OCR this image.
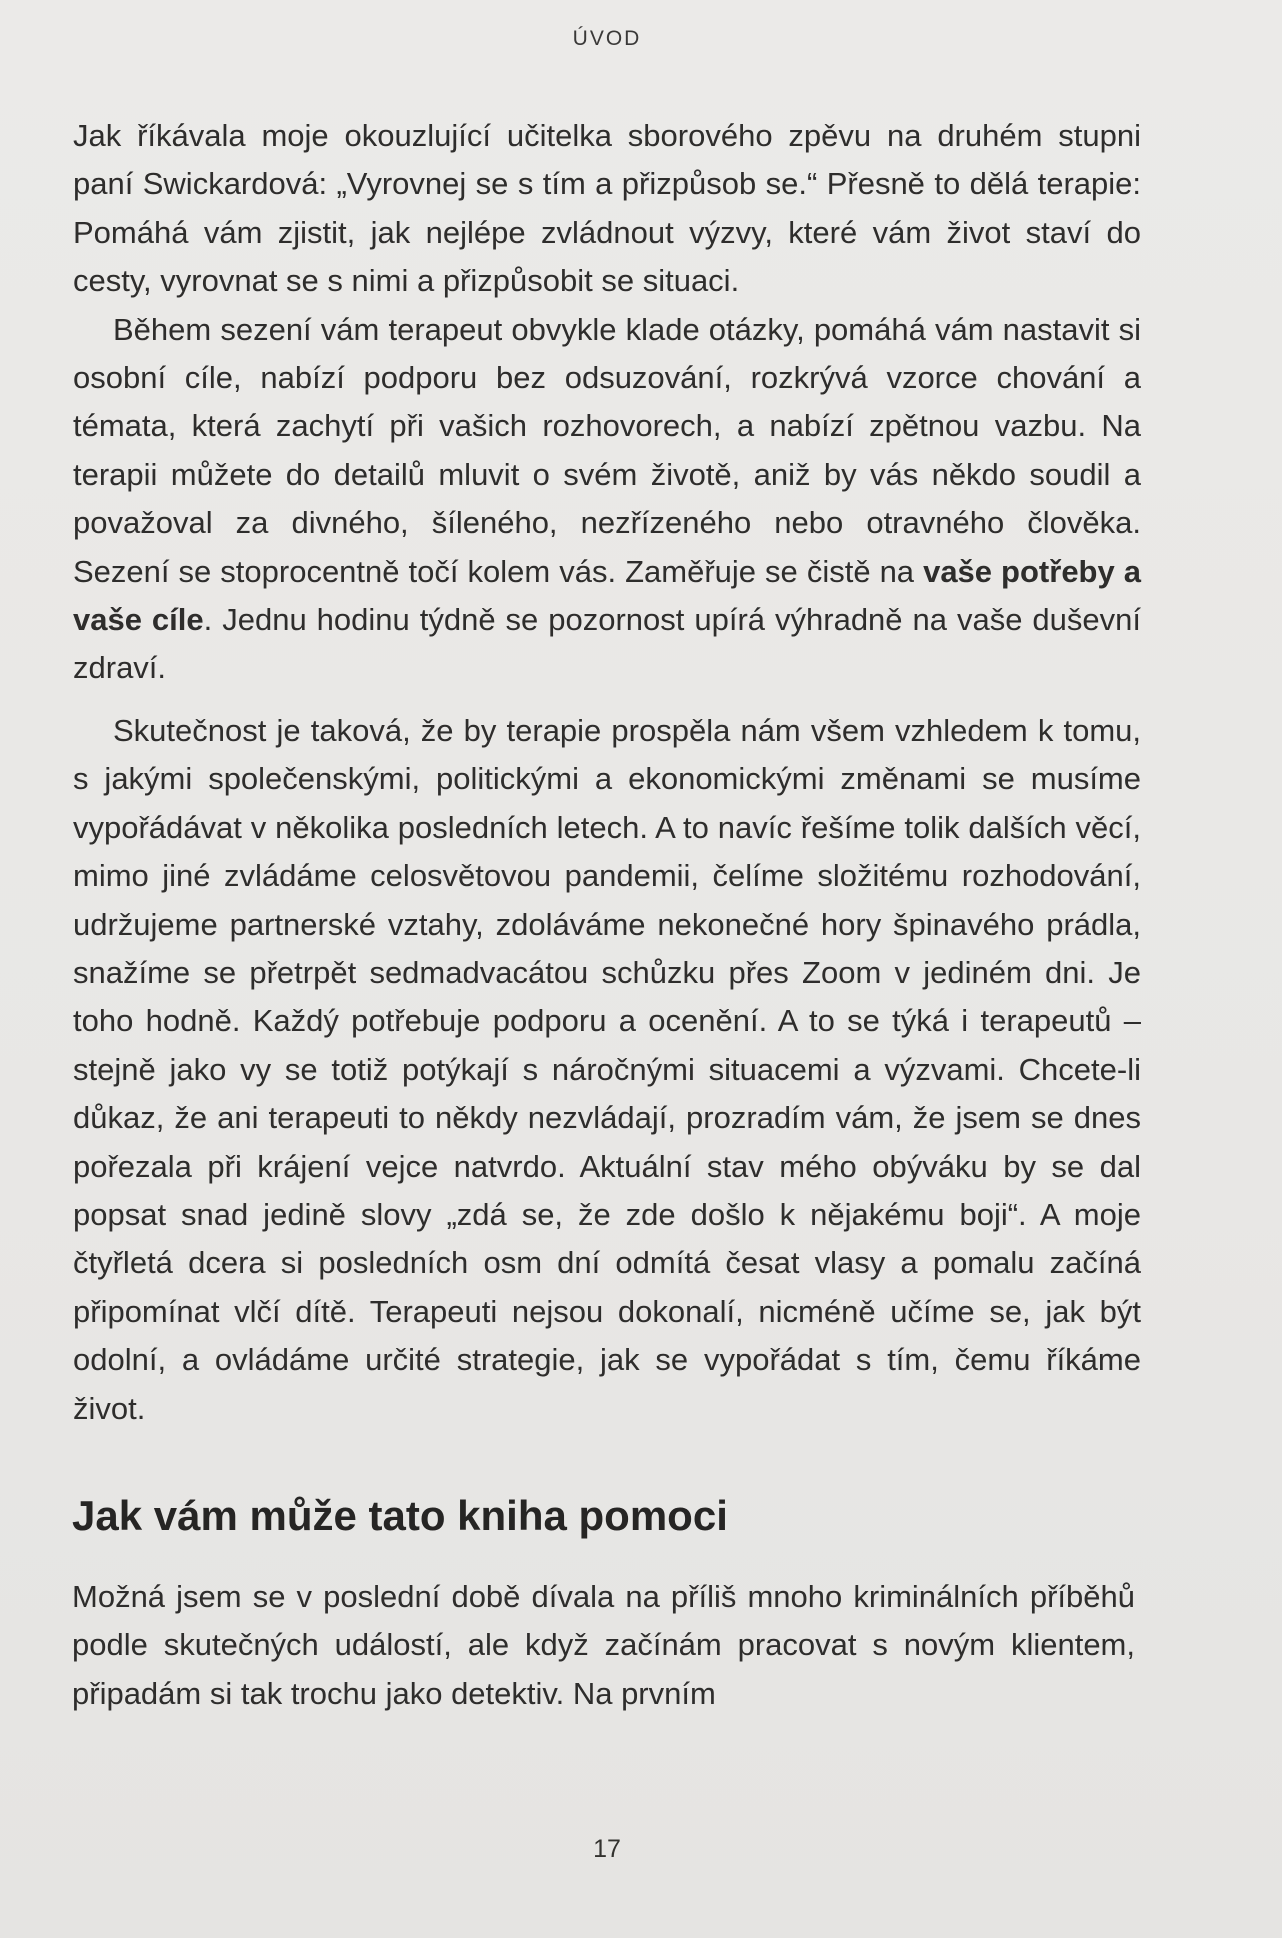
ÚVOD

Jak říkávala moje okouzlující učitelka sborového zpěvu na druhém stupni paní Swickardová: „Vyrovnej se s tím a přizpůsob se.“ Přesně to dělá terapie: Pomáhá vám zjistit, jak nejlépe zvládnout výzvy, které vám život staví do cesty, vyrovnat se s nimi a přizpůsobit se situaci.

Během sezení vám terapeut obvykle klade otázky, pomáhá vám nastavit si osobní cíle, nabízí podporu bez odsuzování, rozkrývá vzorce chování a témata, která zachytí při vašich rozhovorech, a nabízí zpětnou vazbu. Na terapii můžete do detailů mluvit o svém životě, aniž by vás někdo soudil a považoval za divného, šíleného, nezřízeného nebo otravného člověka. Sezení se stoprocentně točí kolem vás. Zaměřuje se čistě na vaše potřeby a vaše cíle. Jednu hodinu týdně se pozornost upírá výhradně na vaše duševní zdraví.

Skutečnost je taková, že by terapie prospěla nám všem vzhledem k tomu, s jakými společenskými, politickými a ekonomickými změnami se musíme vypořádávat v několika posledních letech. A to navíc řešíme tolik dalších věcí, mimo jiné zvládáme celosvětovou pandemii, čelíme složitému rozhodování, udržujeme partnerské vztahy, zdoláváme nekonečné hory špinavého prádla, snažíme se přetrpět sedmadvacátou schůzku přes Zoom v jediném dni. Je toho hodně. Každý potřebuje podporu a ocenění. A to se týká i terapeutů – stejně jako vy se totiž potýkají s náročnými situacemi a výzvami. Chcete-li důkaz, že ani terapeuti to někdy nezvládají, prozradím vám, že jsem se dnes pořezala při krájení vejce natvrdo. Aktuální stav mého obýváku by se dal popsat snad jedině slovy „zdá se, že zde došlo k nějakému boji“. A moje čtyřletá dcera si posledních osm dní odmítá česat vlasy a pomalu začíná připomínat vlčí dítě. Terapeuti nejsou dokonalí, nicméně učíme se, jak být odolní, a ovládáme určité strategie, jak se vypořádat s tím, čemu říkáme život.

Jak vám může tato kniha pomoci

Možná jsem se v poslední době dívala na příliš mnoho kriminálních příběhů podle skutečných událostí, ale když začínám pracovat s novým klientem, připadám si tak trochu jako detektiv. Na prvním

17
